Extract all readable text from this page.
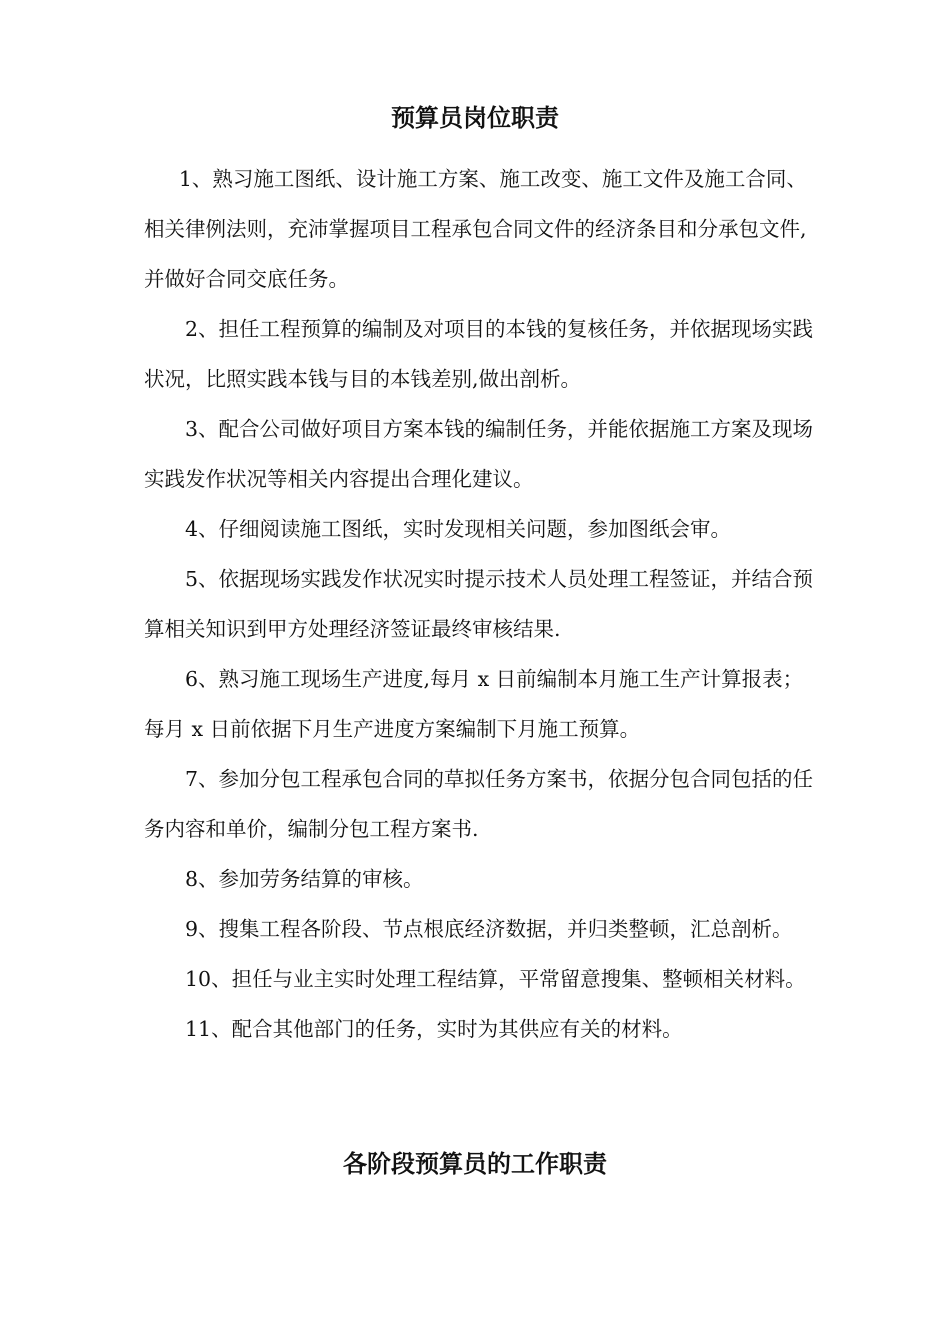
预算员岗位职责

1、熟习施工图纸、设计施工方案、施工改变、施工文件及施工合同、相关律例法则，充沛掌握项目工程承包合同文件的经济条目和分承包文件,并做好合同交底任务。

2、担任工程预算的编制及对项目的本钱的复核任务，并依据现场实践状况，比照实践本钱与目的本钱差别,做出剖析。

3、配合公司做好项目方案本钱的编制任务，并能依据施工方案及现场实践发作状况等相关内容提出合理化建议。

4、仔细阅读施工图纸，实时发现相关问题，参加图纸会审。

5、依据现场实践发作状况实时提示技术人员处理工程签证，并结合预算相关知识到甲方处理经济签证最终审核结果.

6、熟习施工现场生产进度,每月 x 日前编制本月施工生产计算报表；每月 x 日前依据下月生产进度方案编制下月施工预算。

7、参加分包工程承包合同的草拟任务方案书，依据分包合同包括的任务内容和单价，编制分包工程方案书.

8、参加劳务结算的审核。

9、搜集工程各阶段、节点根底经济数据，并归类整顿，汇总剖析。

10、担任与业主实时处理工程结算，平常留意搜集、整顿相关材料。

11、配合其他部门的任务，实时为其供应有关的材料。

各阶段预算员的工作职责
